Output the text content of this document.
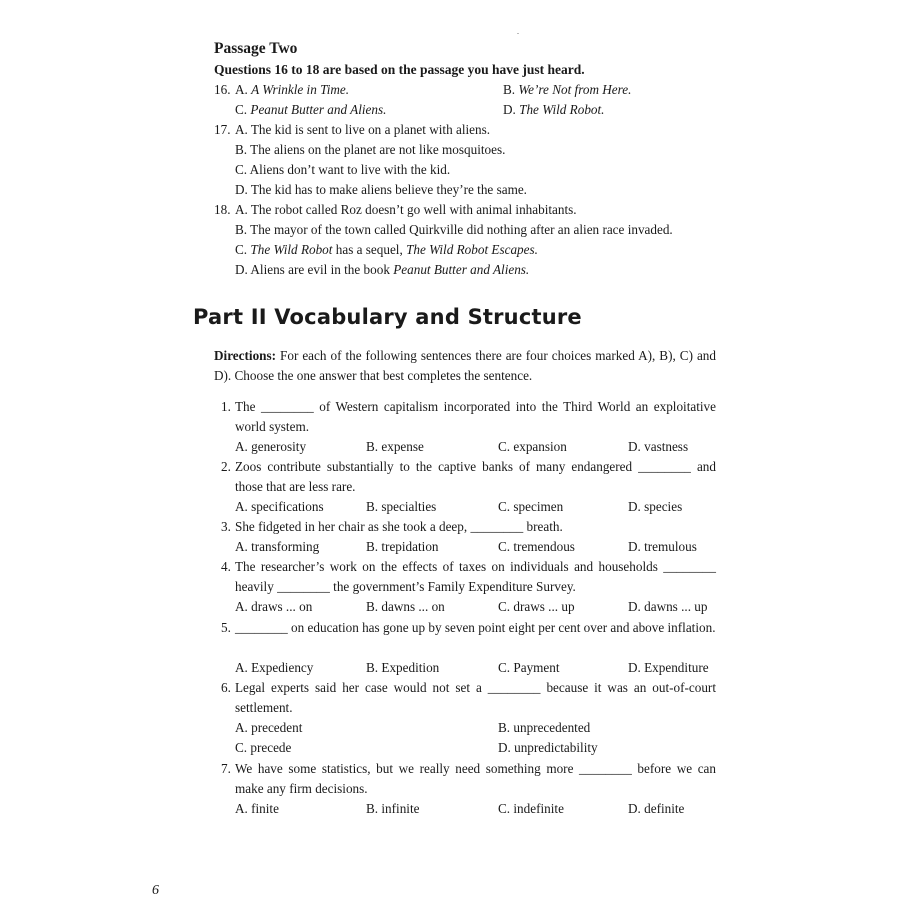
Passage Two
Questions 16 to 18 are based on the passage you have just heard.
16. A. A Wrinkle in Time.	B. We’re Not from Here.
C. Peanut Butter and Aliens.	D. The Wild Robot.
17. A. The kid is sent to live on a planet with aliens.
B. The aliens on the planet are not like mosquitoes.
C. Aliens don’t want to live with the kid.
D. The kid has to make aliens believe they’re the same.
18. A. The robot called Roz doesn’t go well with animal inhabitants.
B. The mayor of the town called Quirkville did nothing after an alien race invaded.
C. The Wild Robot has a sequel, The Wild Robot Escapes.
D. Aliens are evil in the book Peanut Butter and Aliens.
Part II Vocabulary and Structure
Directions: For each of the following sentences there are four choices marked A), B), C) and D). Choose the one answer that best completes the sentence.
1. The ________ of Western capitalism incorporated into the Third World an exploitative world system.
A. generosity	B. expense	C. expansion	D. vastness
2. Zoos contribute substantially to the captive banks of many endangered ________ and those that are less rare.
A. specifications	B. specialties	C. specimen	D. species
3. She fidgeted in her chair as she took a deep, ________ breath.
A. transforming	B. trepidation	C. tremendous	D. tremulous
4. The researcher’s work on the effects of taxes on individuals and households ________ heavily ________ the government’s Family Expenditure Survey.
A. draws ... on	B. dawns ... on	C. draws ... up	D. dawns ... up
5. ________ on education has gone up by seven point eight per cent over and above inflation.
A. Expediency	B. Expedition	C. Payment	D. Expenditure
6. Legal experts said her case would not set a ________ because it was an out-of-court settlement.
A. precedent	B. unprecedented
C. precede	D. unpredictability
7. We have some statistics, but we really need something more ________ before we can make any firm decisions.
A. finite	B. infinite	C. indefinite	D. definite
6
